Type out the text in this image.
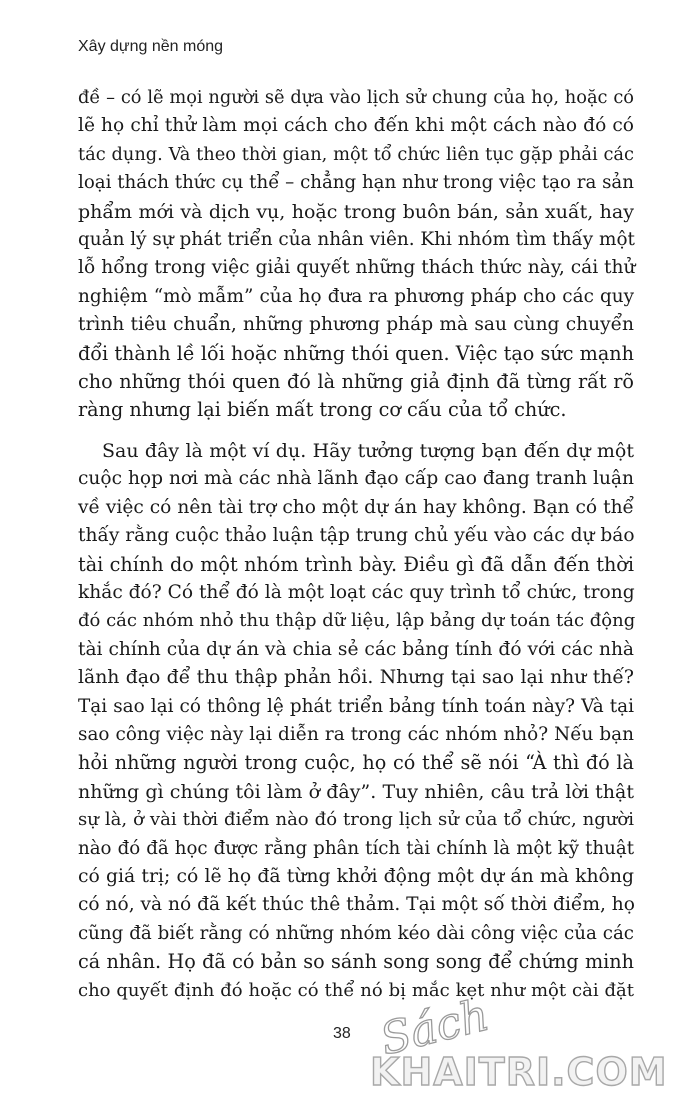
Xây dựng nền móng

đề – có lẽ mọi người sẽ dựa vào lịch sử chung của họ, hoặc có
lẽ họ chỉ thử làm mọi cách cho đến khi một cách nào đó có
tác dụng. Và theo thời gian, một tổ chức liên tục gặp phải các
loại thách thức cụ thể – chẳng hạn như trong việc tạo ra sản
phẩm mới và dịch vụ, hoặc trong buôn bán, sản xuất, hay
quản lý sự phát triển của nhân viên. Khi nhóm tìm thấy một
lỗ hổng trong việc giải quyết những thách thức này, cái thử
nghiệm “mò mẫm” của họ đưa ra phương pháp cho các quy
trình tiêu chuẩn, những phương pháp mà sau cùng chuyển
đổi thành lề lối hoặc những thói quen. Việc tạo sức mạnh
cho những thói quen đó là những giả định đã từng rất rõ
ràng nhưng lại biến mất trong cơ cấu của tổ chức.

Sau đây là một ví dụ. Hãy tưởng tượng bạn đến dự một
cuộc họp nơi mà các nhà lãnh đạo cấp cao đang tranh luận
về việc có nên tài trợ cho một dự án hay không. Bạn có thể
thấy rằng cuộc thảo luận tập trung chủ yếu vào các dự báo
tài chính do một nhóm trình bày. Điều gì đã dẫn đến thời
khắc đó? Có thể đó là một loạt các quy trình tổ chức, trong
đó các nhóm nhỏ thu thập dữ liệu, lập bảng dự toán tác động
tài chính của dự án và chia sẻ các bảng tính đó với các nhà
lãnh đạo để thu thập phản hồi. Nhưng tại sao lại như thế?
Tại sao lại có thông lệ phát triển bảng tính toán này? Và tại
sao công việc này lại diễn ra trong các nhóm nhỏ? Nếu bạn
hỏi những người trong cuộc, họ có thể sẽ nói “À thì đó là
những gì chúng tôi làm ở đây”. Tuy nhiên, câu trả lời thật
sự là, ở vài thời điểm nào đó trong lịch sử của tổ chức, người
nào đó đã học được rằng phân tích tài chính là một kỹ thuật
có giá trị; có lẽ họ đã từng khởi động một dự án mà không
có nó, và nó đã kết thúc thê thảm. Tại một số thời điểm, họ
cũng đã biết rằng có những nhóm kéo dài công việc của các
cá nhân. Họ đã có bản so sánh song song để chứng minh
cho quyết định đó hoặc có thể nó bị mắc kẹt như một cài đặt

38 Sách
KHAITRI.COM
